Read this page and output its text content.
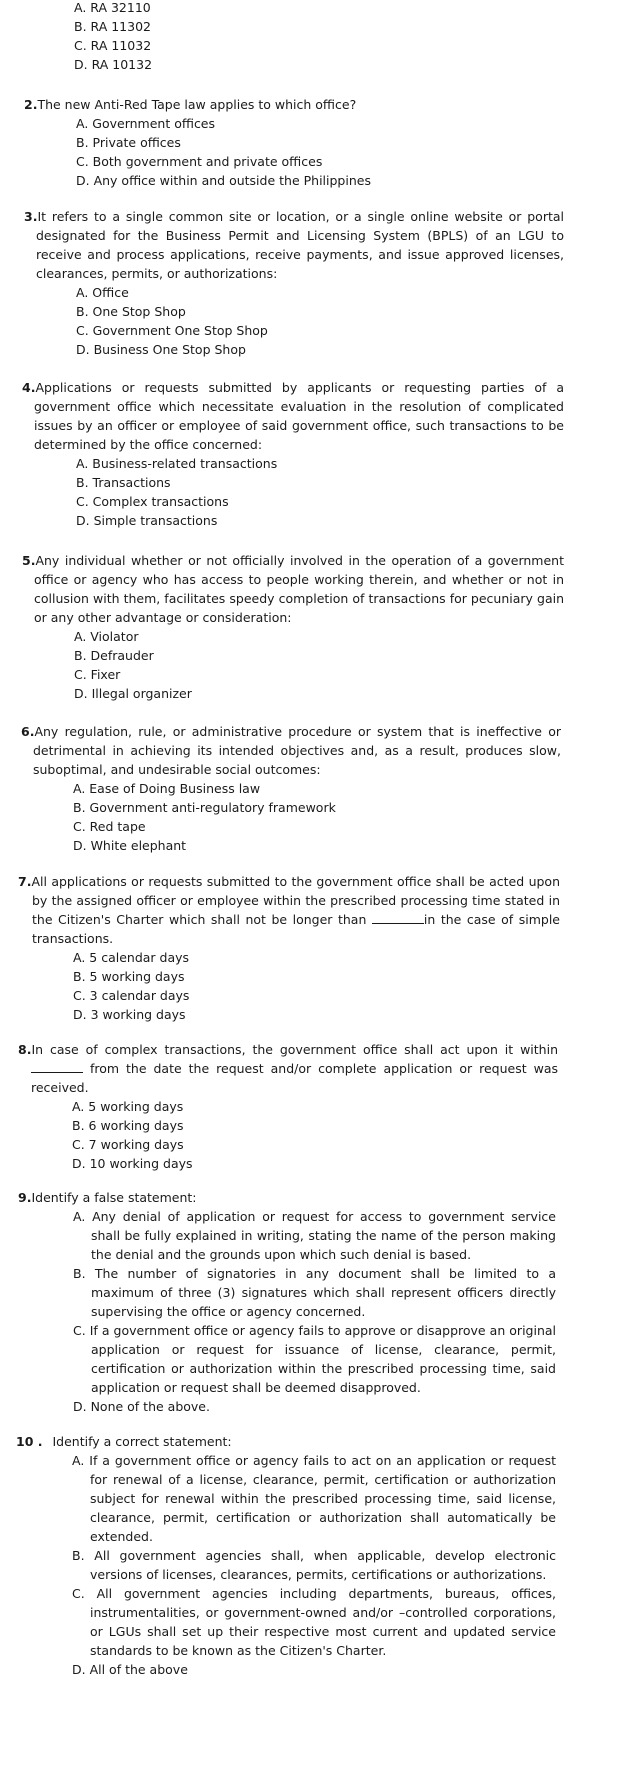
A. RA 32110
B. RA 11302
C. RA 11032
D. RA 10132

2.The new Anti-Red Tape law applies to which office?

A. Government offices
B. Private offices
C. Both government and private offices
D. Any office within and outside the Philippines

3.It refers to a single common site or location, or a single online website or portal designated for the Business Permit and Licensing System (BPLS) of an LGU to receive and process applications, receive payments, and issue approved licenses, clearances, permits, or authorizations:

A. Office
B. One Stop Shop
C. Government One Stop Shop
D. Business One Stop Shop

4.Applications or requests submitted by applicants or requesting parties of a government office which necessitate evaluation in the resolution of complicated issues by an officer or employee of said government office, such transactions to be determined by the office concerned:

A. Business-related transactions
B. Transactions
C. Complex transactions
D. Simple transactions

5.Any individual whether or not officially involved in the operation of a government office or agency who has access to people working therein, and whether or not in collusion with them, facilitates speedy completion of transactions for pecuniary gain or any other advantage or consideration:

A. Violator
B. Defrauder
C. Fixer
D. Illegal organizer

6.Any regulation, rule, or administrative procedure or system that is ineffective or detrimental in achieving its intended objectives and, as a result, produces slow, suboptimal, and undesirable social outcomes:

A. Ease of Doing Business law
B. Government anti-regulatory framework
C. Red tape
D. White elephant

7.All applications or requests submitted to the government office shall be acted upon by the assigned officer or employee within the prescribed processing time stated in the Citizen's Charter which shall not be longer than	in the case of simple transactions.

A. 5 calendar days
B. 5 working days
C. 3 calendar days
D. 3 working days

8.In case of complex transactions, the government office shall act upon it within  from the date the request and/or complete application or request was received.

A. 5 working days
B. 6 working days
C. 7 working days
D. 10 working days

9.Identify a false statement:

A. Any denial of application or request for access to government service shall be fully explained in writing, stating the name of the person making the denial and the grounds upon which such denial is based.
B. The number of signatories in any document shall be limited to a maximum of three (3) signatures which shall represent officers directly supervising the office or agency concerned.
C. If a government office or agency fails to approve or disapprove an original application or request for issuance of license, clearance, permit, certification or authorization within the prescribed processing time, said application or request shall be deemed disapproved.
D. None of the above.

10 . Identify a correct statement:

A. If a government office or agency fails to act on an application or request for renewal of a license, clearance, permit, certification or authorization subject for renewal within the prescribed processing time, said license, clearance, permit, certification or authorization shall automatically be extended.
B. All government agencies shall, when applicable, develop electronic versions of licenses, clearances, permits, certifications or authorizations.
C. All government agencies including departments, bureaus, offices, instrumentalities, or government-owned and/or –controlled corporations, or LGUs shall set up their respective most current and updated service standards to be known as the Citizen's Charter.
D. All of the above
